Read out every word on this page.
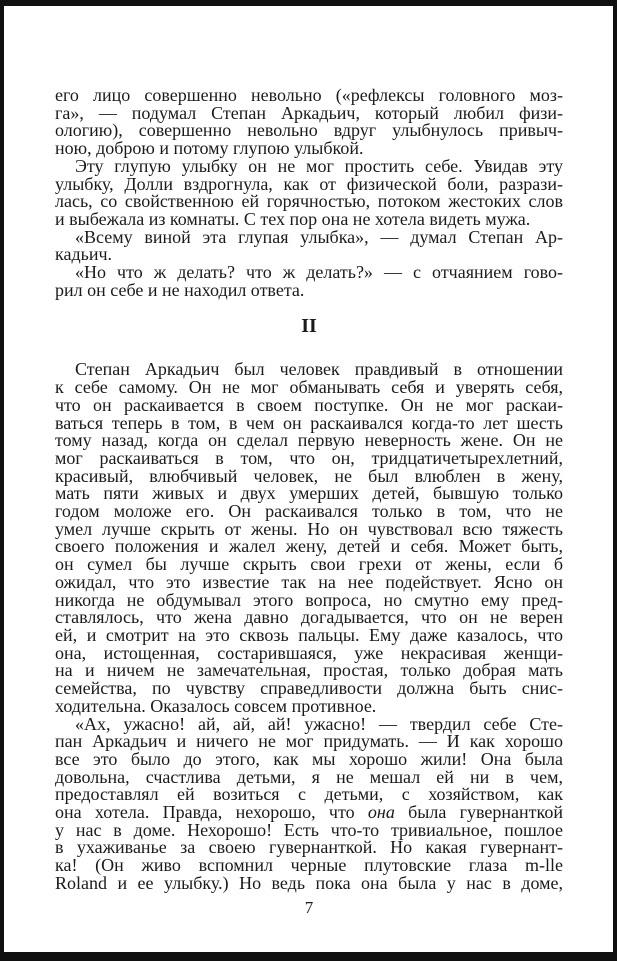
его лицо совершенно невольно («рефлексы головного моз-
га», — подумал Степан Аркадьич, который любил физи-
ологию), совершенно невольно вдруг улыбнулось привыч-
ною, доброю и потому глупою улыбкой.
Эту глупую улыбку он не мог простить себе. Увидав эту
улыбку, Долли вздрогнула, как от физической боли, разрази-
лась, со свойственною ей горячностью, потоком жестоких слов
и выбежала из комнаты. С тех пор она не хотела видеть мужа.
«Всему виной эта глупая улыбка», — думал Степан Ар-
кадьич.
«Но что ж делать? что ж делать?» — с отчаянием гово-
рил он себе и не находил ответа.
II
Степан Аркадьич был человек правдивый в отношении
к себе самому. Он не мог обманывать себя и уверять себя,
что он раскаивается в своем поступке. Он не мог раскаи-
ваться теперь в том, в чем он раскаивался когда-то лет шесть
тому назад, когда он сделал первую неверность жене. Он не
мог раскаиваться в том, что он, тридцатичетырехлетний,
красивый, влюбчивый человек, не был влюблен в жену,
мать пяти живых и двух умерших детей, бывшую только
годом моложе его. Он раскаивался только в том, что не
умел лучше скрыть от жены. Но он чувствовал всю тяжесть
своего положения и жалел жену, детей и себя. Может быть,
он сумел бы лучше скрыть свои грехи от жены, если б
ожидал, что это известие так на нее подействует. Ясно он
никогда не обдумывал этого вопроса, но смутно ему пред-
ставлялось, что жена давно догадывается, что он не верен
ей, и смотрит на это сквозь пальцы. Ему даже казалось, что
она, истощенная, состарившаяся, уже некрасивая женщи-
на и ничем не замечательная, простая, только добрая мать
семейства, по чувству справедливости должна быть снис-
ходительна. Оказалось совсем противное.
«Ах, ужасно! ай, ай, ай! ужасно! — твердил себе Сте-
пан Аркадьич и ничего не мог придумать. — И как хорошо
все это было до этого, как мы хорошо жили! Она была
довольна, счастлива детьми, я не мешал ей ни в чем,
предоставлял ей возиться с детьми, с хозяйством, как
она хотела. Правда, нехорошо, что она была гувернанткой
у нас в доме. Нехорошо! Есть что-то тривиальное, пошлое
в ухаживанье за своею гувернанткой. Но какая гувернант-
ка! (Он живо вспомнил черные плутовские глаза m-lle
Roland и ее улыбку.) Но ведь пока она была у нас в доме,
7
